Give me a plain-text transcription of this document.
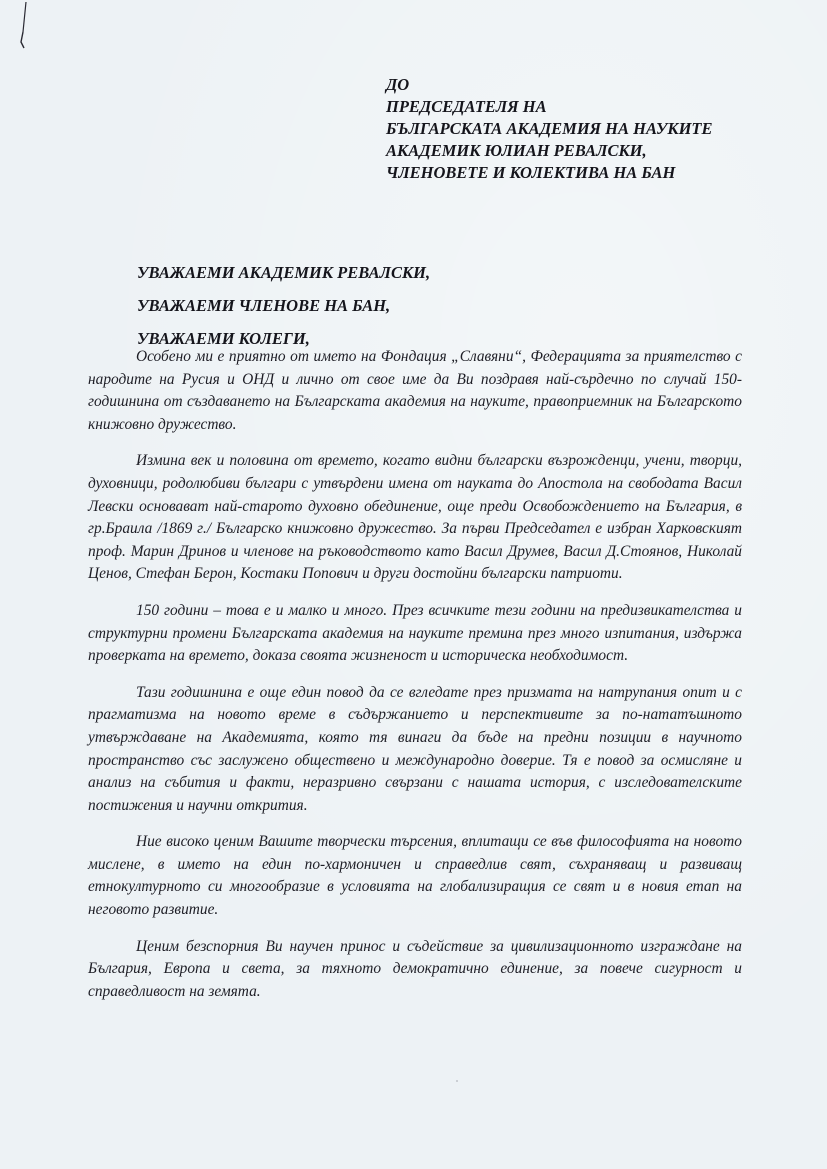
ДО
ПРЕДСЕДАТЕЛЯ НА
БЪЛГАРСКАТА АКАДЕМИЯ НА НАУКИТЕ
АКАДЕМИК ЮЛИАН РЕВАЛСКИ,
ЧЛЕНОВЕТЕ И КОЛЕКТИВА НА БАН
УВАЖАЕМИ АКАДЕМИК РЕВАЛСКИ,
УВАЖАЕМИ ЧЛЕНОВЕ НА БАН,
УВАЖАЕМИ КОЛЕГИ,

Особено ми е приятно от името на Фондация „Славяни“, Федерацията за приятелство с народите на Русия и ОНД и лично от свое име да Ви поздравя най-сърдечно по случай 150-годишнина от създаването на Българската академия на науките, правоприемник на Българското книжовно дружество.

Измина век и половина от времето, когато видни български възрожденци, учени, творци, духовници, родолюбиви българи с утвърдени имена от науката до Апостола на свободата Васил Левски основават най-старото духовно обединение, още преди Освобождението на България, в гр.Браила /1869 г./ Българско книжовно дружество. За първи Председател е избран Харковският проф. Марин Дринов и членове на ръководството като Васил Друмев, Васил Д.Стоянов, Николай Ценов, Стефан Берон, Костаки Попович и други достойни български патриоти.

150 години – това е и малко и много. През всичките тези години на предизвикателства и структурни промени Българската академия на науките премина през много изпитания, издържа проверката на времето, доказа своята жизненост и историческа необходимост.

Тази годишнина е още един повод да се вгледате през призмата на натрупания опит и с прагматизма на новото време в съдържанието и перспективите за по-нататъшното утвърждаване на Академията, която тя винаги да бъде на предни позиции в научното пространство със заслужено обществено и международно доверие. Тя е повод за осмисляне и анализ на събития и факти, неразривно свързани с нашата история, с изследователските постижения и научни открития.

Ние високо ценим Вашите творчески търсения, вплитащи се във философията на новото мислене, в името на един по-хармоничен и справедлив свят, съхраняващ и развиващ етнокултурното си многообразие в условията на глобализиращия се свят и в новия етап на неговото развитие.

Ценим безспорния Ви научен принос и съдействие за цивилизационното изграждане на България, Европа и света, за тяхното демократично единение, за повече сигурност и справедливост на земята.
